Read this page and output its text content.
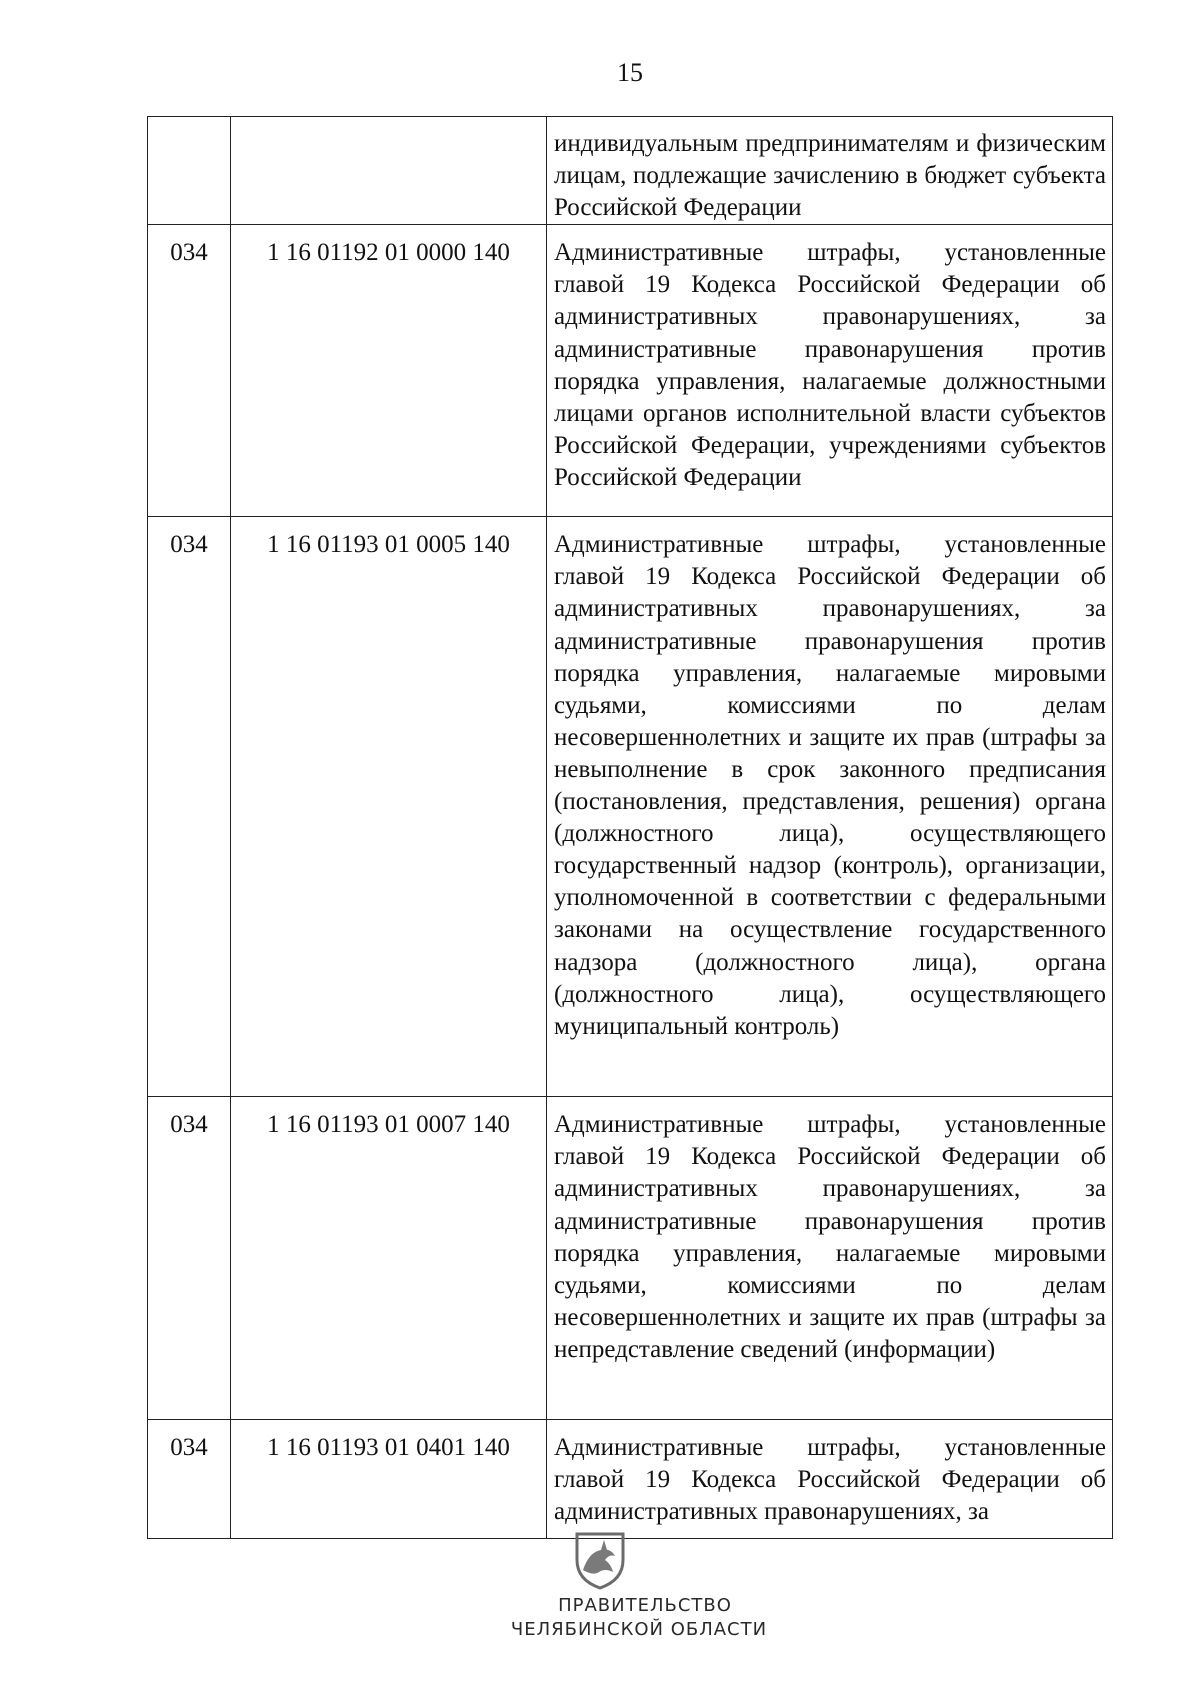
15
		индивидуальным предпринимателям и физическим лицам, подлежащие зачислению в бюджет субъекта Российской Федерации
034	1 16 01192 01 0000 140	Административные штрафы, установленные главой 19 Кодекса Российской Федерации об административных правонарушениях, за административные правонарушения против порядка управления, налагаемые должностными лицами органов исполнительной власти субъектов Российской Федерации, учреждениями субъектов Российской Федерации
034	1 16 01193 01 0005 140	Административные штрафы, установленные главой 19 Кодекса Российской Федерации об административных правонарушениях, за административные правонарушения против порядка управления, налагаемые мировыми судьями, комиссиями по делам несовершеннолетних и защите их прав (штрафы за невыполнение в срок законного предписания (постановления, представления, решения) органа (должностного лица), осуществляющего государственный надзор (контроль), организации, уполномоченной в соответствии с федеральными законами на осуществление государственного надзора (должностного лица), органа (должностного лица), осуществляющего муниципальный контроль)
034	1 16 01193 01 0007 140	Административные штрафы, установленные главой 19 Кодекса Российской Федерации об административных правонарушениях, за административные правонарушения против порядка управления, налагаемые мировыми судьями, комиссиями по делам несовершеннолетних и защите их прав (штрафы за непредставление сведений (информации)
034	1 16 01193 01 0401 140	Административные штрафы, установленные главой 19 Кодекса Российской Федерации об административных правонарушениях, за
ПРАВИТЕЛЬСТВО
ЧЕЛЯБИНСКОЙ ОБЛАСТИ
